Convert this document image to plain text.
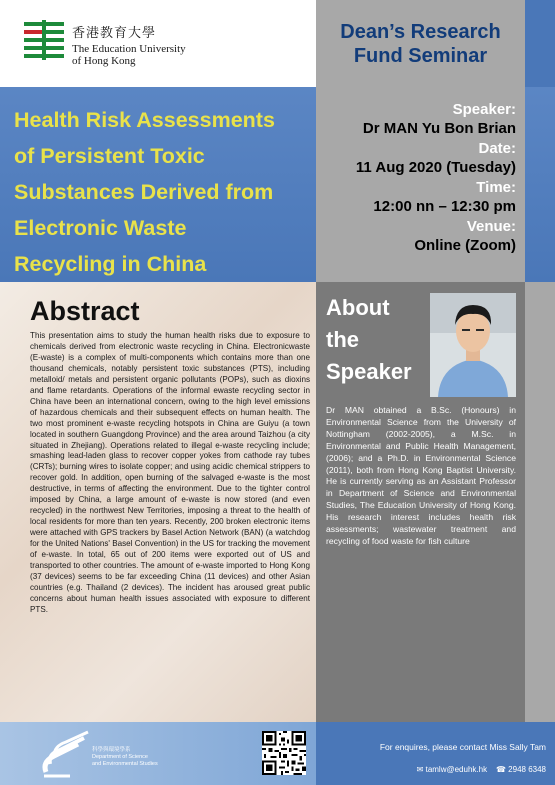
香港教育大學
The Education University
of Hong Kong
Dean’s Research
Fund Seminar
Health Risk Assessments
of Persistent Toxic
Substances Derived from
Electronic Waste
Recycling in China
Speaker:
Dr MAN Yu Bon Brian
Date:
11 Aug 2020 (Tuesday)
Time:
12:00 nn – 12:30 pm
Venue:
Online (Zoom)
Abstract
This presentation aims to study the human health risks due to exposure to chemicals derived from electronic waste recycling in China. Electronicwaste (E-waste) is a complex of multi-components which contains more than one thousand chemicals, notably persistent toxic substances (PTS), including metalloid/ metals and persistent organic pollutants (POPs), such as dioxins and flame retardants. Operations of the informal ewaste recycling sector in China have been an international concern, owing to the high level emissions of hazardous chemicals and their subsequent effects on human health. The two most prominent e-waste recycling hotspots in China are Guiyu (a town located in southern Guangdong Province) and the area around Taizhou (a city situated in Zhejiang). Operations related to illegal e-waste recycling include; smashing lead-laden glass to recover copper yokes from cathode ray tubes (CRTs); burning wires to isolate copper; and using acidic chemical strippers to recover gold. In addition, open burning of the salvaged e-waste is the most destructive, in terms of affecting the environment. Due to the tighter control imposed by China, a large amount of e-waste is now stored (and even recycled) in the northwest New Territories, imposing a threat to the health of local residents for more than ten years. Recently, 200 broken electronic items were attached with GPS trackers by Basel Action Network (BAN) (a watchdog for the United Nations' Basel Convention) in the US for tracking the movement of e-waste. In total, 65 out of 200 items were exported out of US and transported to other countries. The amount of e-waste imported to Hong Kong (37 devices) seems to be far exceeding China (11 devices) and other Asian countries (e.g. Thailand (2 devices). The incident has aroused great public concerns about human health issues associated with exposure to different PTS.
About
the
Speaker
Dr MAN obtained a B.Sc. (Honours) in Environmental Science from the University of Nottingham (2002-2005), a M.Sc. in Environmental and Public Health Management, (2006); and a Ph.D. in Environmental Science (2011), both from Hong Kong Baptist University. He is currently serving as an Assistant Professor in Department of Science and Environmental Studies, The Education University of Hong Kong. His research interest includes health risk assessments; wastewater treatment and recycling of food waste for fish culture
科學與環境學系
Department of Science
and Environmental Studies
For enquires, please contact Miss Sally Tam
✉ tamlw@eduhk.hk ☎ 2948 6348
